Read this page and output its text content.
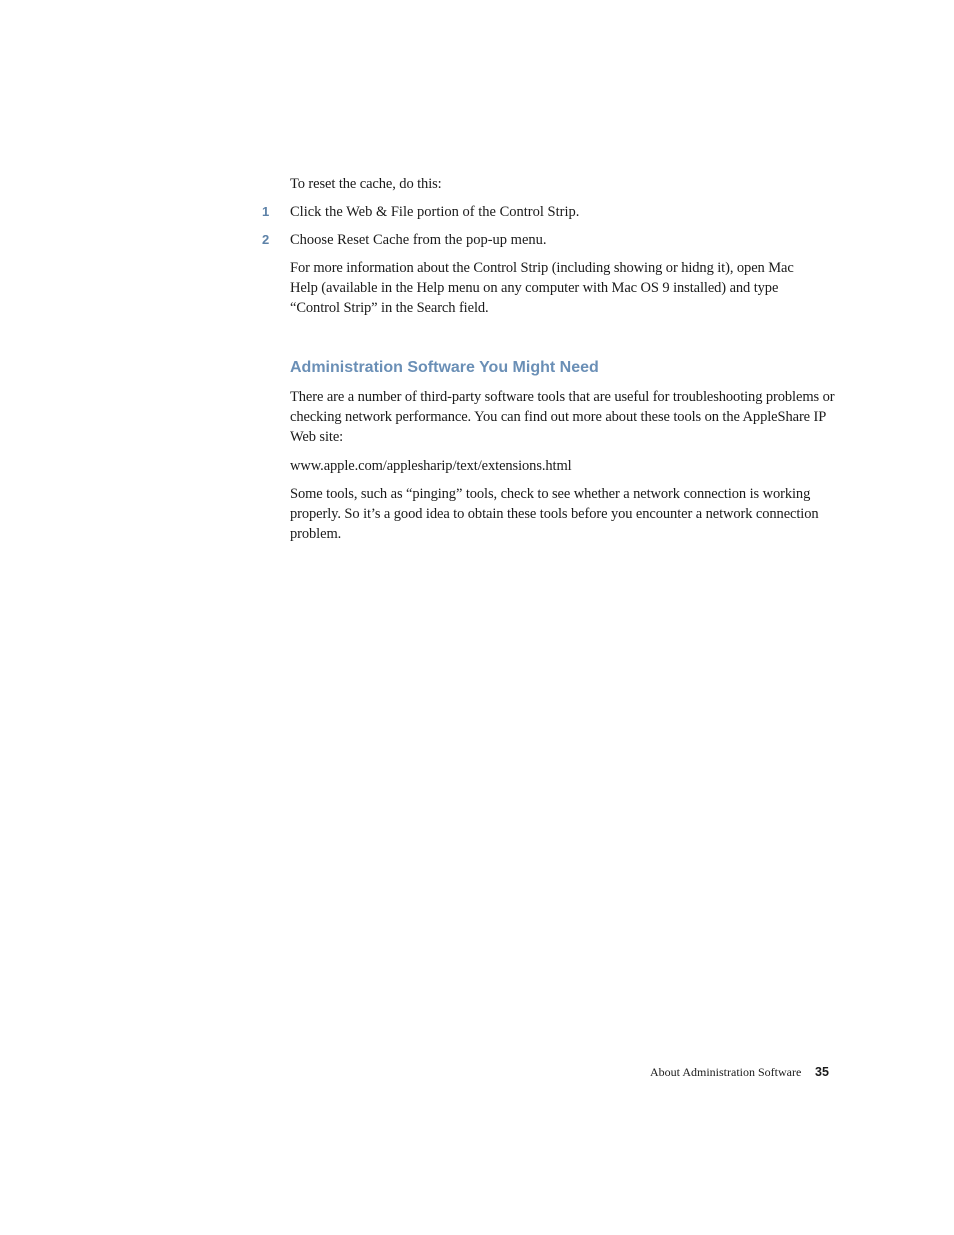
To reset the cache, do this:

1 Click the Web & File portion of the Control Strip.

2 Choose Reset Cache from the pop-up menu.

For more information about the Control Strip (including showing or hidng it), open Mac Help (available in the Help menu on any computer with Mac OS 9 installed) and type “Control Strip” in the Search field.

Administration Software You Might Need

There are a number of third-party software tools that are useful for troubleshooting problems or checking network performance. You can find out more about these tools on the AppleShare IP Web site:

www.apple.com/applesharip/text/extensions.html

Some tools, such as “pinging” tools, check to see whether a network connection is working properly. So it’s a good idea to obtain these tools before you encounter a network connection problem.

About Administration Software 35
